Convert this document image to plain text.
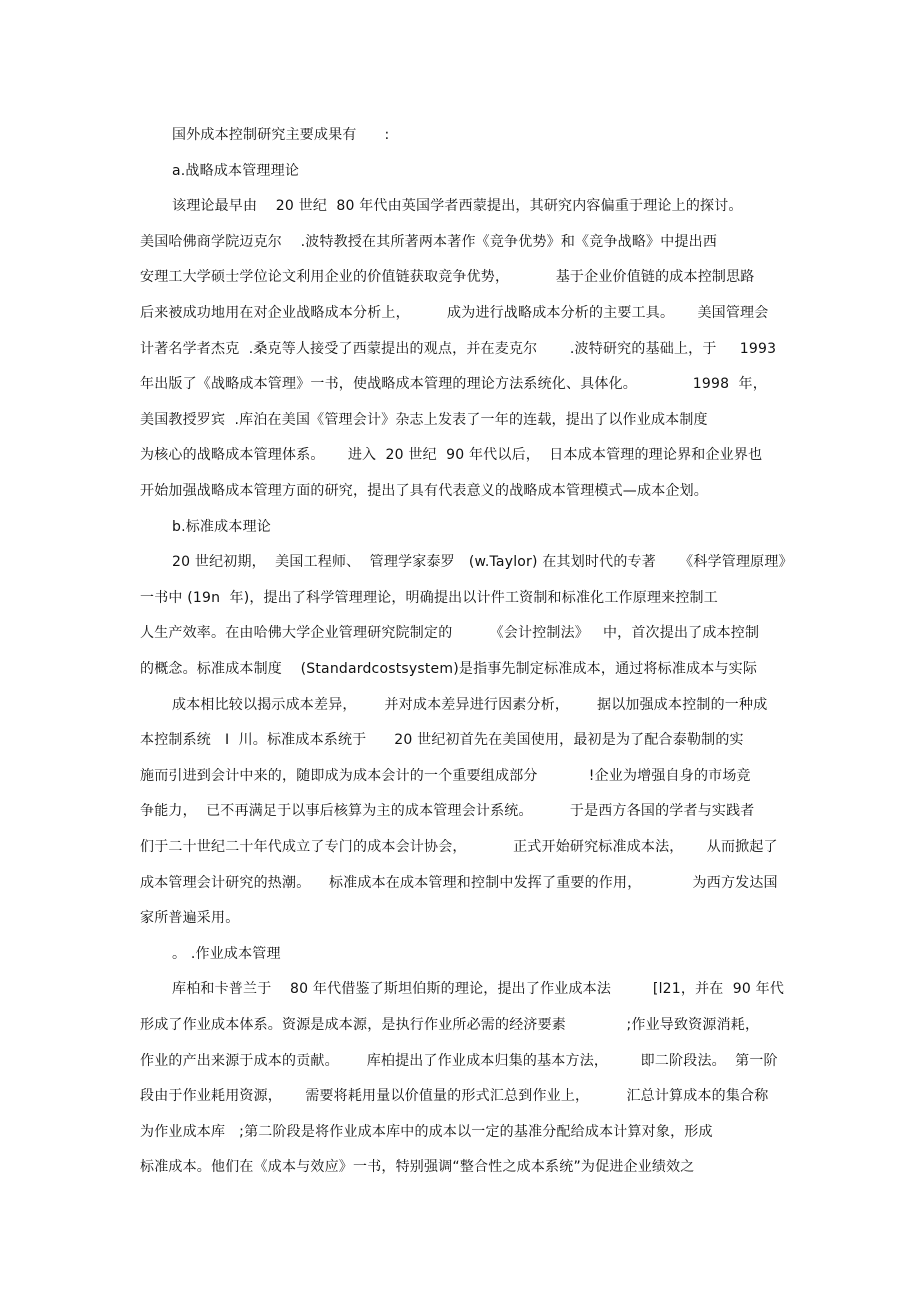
国外成本控制研究主要成果有      :
a.战略成本管理理论
该理论最早由    20 世纪  80 年代由英国学者西蒙提出，其研究内容偏重于理论上的探讨。
美国哈佛商学院迈克尔    .波特教授在其所著两本著作《竞争优势》和《竞争战略》中提出西
安理工大学硕士学位论文利用企业的价值链获取竞争优势，          基于企业价值链的成本控制思路
后来被成功地用在对企业战略成本分析上，        成为进行战略成本分析的主要工具。     美国管理会
计著名学者杰克  .桑克等人接受了西蒙提出的观点，并在麦克尔       .波特研究的基础上，于     1993
年出版了《战略成本管理》一书，使战略成本管理的理论方法系统化、具体化。            1998  年，
美国教授罗宾  .库泊在美国《管理会计》杂志上发表了一年的连载，提出了以作业成本制度
为核心的战略成本管理体系。     进入  20 世纪  90 年代以后，  日本成本管理的理论界和企业界也
开始加强战略成本管理方面的研究，提出了具有代表意义的战略成本管理模式—成本企划。
b.标准成本理论
20 世纪初期，  美国工程师、  管理学家泰罗   (w.Taylor) 在其划时代的专著     《科学管理原理》
一书中 (19n  年)，提出了科学管理理论，明确提出以计件工资制和标准化工作原理来控制工
人生产效率。在由哈佛大学企业管理研究院制定的        《会计控制法》   中，首次提出了成本控制
的概念。标准成本制度    (Standardcostsystem)是指事先制定标准成本，通过将标准成本与实际
成本相比较以揭示成本差异，      并对成本差异进行因素分析，      据以加强成本控制的一种成
本控制系统   I  川。标准成本系统于      20 世纪初首先在美国使用，最初是为了配合泰勒制的实
施而引进到会计中来的，随即成为成本会计的一个重要组成部分           !企业为增强自身的市场竞
争能力，  已不再满足于以事后核算为主的成本管理会计系统。        于是西方各国的学者与实践者
们于二十世纪二十年代成立了专门的成本会计协会，          正式开始研究标准成本法，     从而掀起了
成本管理会计研究的热潮。    标准成本在成本管理和控制中发挥了重要的作用，           为西方发达国
家所普遍采用。
。 .作业成本管理
库柏和卡普兰于    80 年代借鉴了斯坦伯斯的理论，提出了作业成本法         [l21，并在  90 年代
形成了作业成本体系。资源是成本源，是执行作业所必需的经济要素             ;作业导致资源消耗，
作业的产出来源于成本的贡献。      库柏提出了作业成本归集的基本方法，       即二阶段法。  第一阶
段由于作业耗用资源，     需要将耗用量以价值量的形式汇总到作业上，        汇总计算成本的集合称
为作业成本库   ;第二阶段是将作业成本库中的成本以一定的基准分配给成本计算对象，形成
标准成本。他们在《成本与效应》一书，特别强调“整合性之成本系统”为促进企业绩效之
